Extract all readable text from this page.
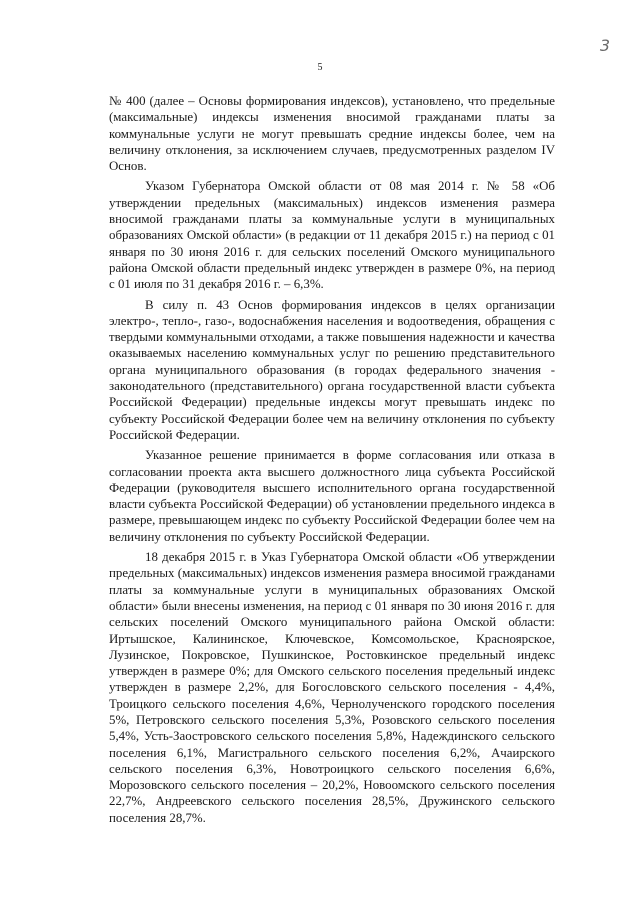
3
5

№ 400 (далее – Основы формирования индексов), установлено, что предельные (максимальные) индексы изменения вносимой гражданами платы за коммунальные услуги не могут превышать средние индексы более, чем на величину отклонения, за исключением случаев, предусмотренных разделом IV Основ.

Указом Губернатора Омской области от 08 мая 2014 г. № 58 «Об утверждении предельных (максимальных) индексов изменения размера вносимой гражданами платы за коммунальные услуги в муниципальных образованиях Омской области» (в редакции от 11 декабря 2015 г.) на период с 01 января по 30 июня 2016 г. для сельских поселений Омского муниципального района Омской области предельный индекс утвержден в размере 0%, на период с 01 июля по 31 декабря 2016 г. – 6,3%.

В силу п. 43 Основ формирования индексов в целях организации электро-, тепло-, газо-, водоснабжения населения и водоотведения, обращения с твердыми коммунальными отходами, а также повышения надежности и качества оказываемых населению коммунальных услуг по решению представительного органа муниципального образования (в городах федерального значения - законодательного (представительного) органа государственной власти субъекта Российской Федерации) предельные индексы могут превышать индекс по субъекту Российской Федерации более чем на величину отклонения по субъекту Российской Федерации.

Указанное решение принимается в форме согласования или отказа в согласовании проекта акта высшего должностного лица субъекта Российской Федерации (руководителя высшего исполнительного органа государственной власти субъекта Российской Федерации) об установлении предельного индекса в размере, превышающем индекс по субъекту Российской Федерации более чем на величину отклонения по субъекту Российской Федерации.

18 декабря 2015 г. в Указ Губернатора Омской области «Об утверждении предельных (максимальных) индексов изменения размера вносимой гражданами платы за коммунальные услуги в муниципальных образованиях Омской области» были внесены изменения, на период с 01 января по 30 июня 2016 г. для сельских поселений Омского муниципального района Омской области: Иртышское, Калининское, Ключевское, Комсомольское, Красноярское, Лузинское, Покровское, Пушкинское, Ростовкинское предельный индекс утвержден в размере 0%; для Омского сельского поселения предельный индекс утвержден в размере 2,2%, для Богословского сельского поселения - 4,4%, Троицкого сельского поселения 4,6%, Чернолученского городского поселения 5%, Петровского сельского поселения 5,3%, Розовского сельского поселения 5,4%, Усть-Заостровского сельского поселения 5,8%, Надеждинского сельского поселения 6,1%, Магистрального сельского поселения 6,2%, Ачаирского сельского поселения 6,3%, Новотроицкого сельского поселения 6,6%, Морозовского сельского поселения – 20,2%, Новоомского сельского поселения 22,7%, Андреевского сельского поселения 28,5%, Дружинского сельского поселения 28,7%.
